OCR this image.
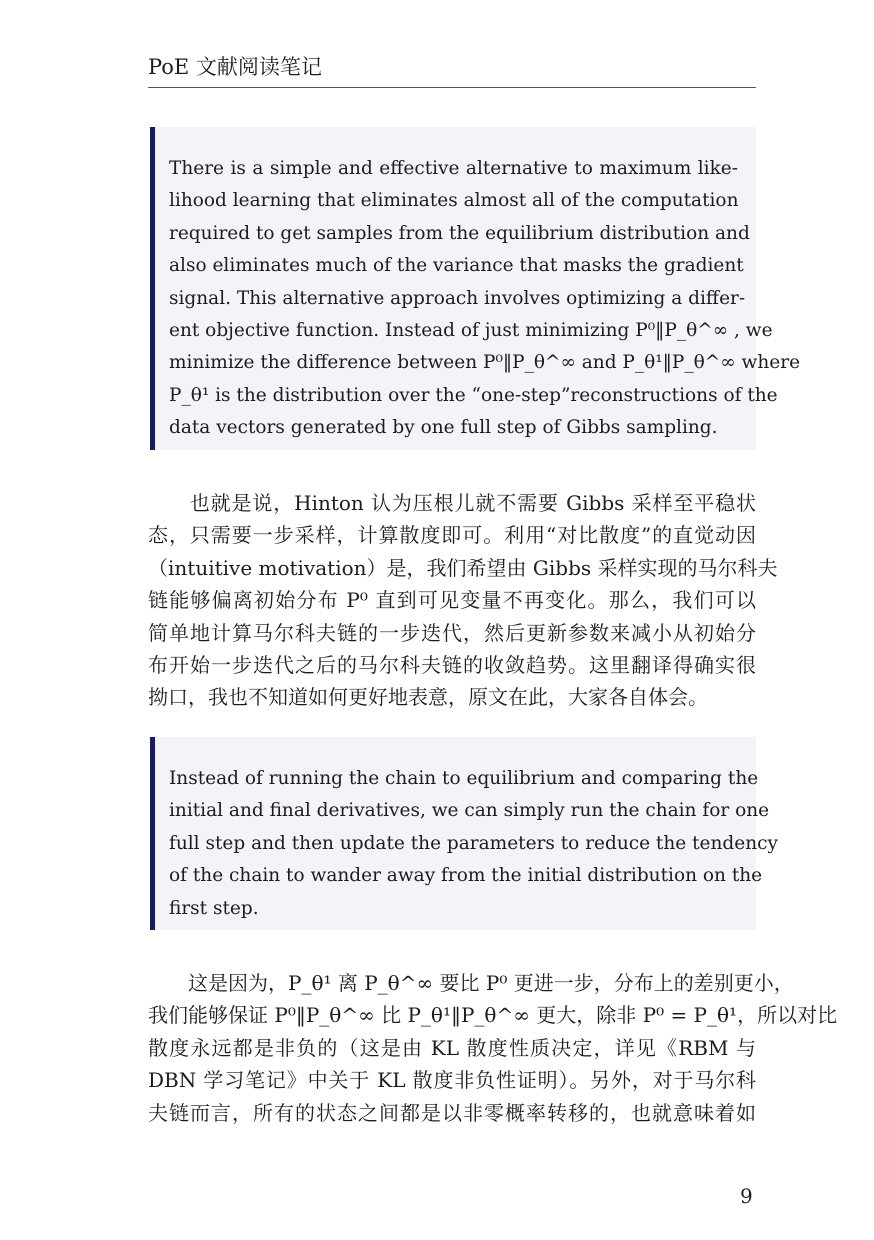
PoE 文献阅读笔记
There is a simple and effective alternative to maximum like-
lihood learning that eliminates almost all of the computation
required to get samples from the equilibrium distribution and
also eliminates much of the variance that masks the gradient
signal. This alternative approach involves optimizing a differ-
ent objective function. Instead of just minimizing P⁰‖P_θ^∞ , we
minimize the difference between P⁰‖P_θ^∞ and P_θ¹‖P_θ^∞ where
P_θ¹ is the distribution over the “one-step”reconstructions of the
data vectors generated by one full step of Gibbs sampling.
　　也就是说，Hinton 认为压根儿就不需要 Gibbs 采样至平稳状
态，只需要一步采样，计算散度即可。利用“对比散度”的直觉动因
（intuitive motivation）是，我们希望由 Gibbs 采样实现的马尔科夫
链能够偏离初始分布 P⁰ 直到可见变量不再变化。那么，我们可以
简单地计算马尔科夫链的一步迭代，然后更新参数来减小从初始分
布开始一步迭代之后的马尔科夫链的收敛趋势。这里翻译得确实很
拗口，我也不知道如何更好地表意，原文在此，大家各自体会。
Instead of running the chain to equilibrium and comparing the
initial and final derivatives, we can simply run the chain for one
full step and then update the parameters to reduce the tendency
of the chain to wander away from the initial distribution on the
first step.
　　这是因为，P_θ¹ 离 P_θ^∞ 要比 P⁰ 更进一步，分布上的差别更小，
我们能够保证 P⁰‖P_θ^∞ 比 P_θ¹‖P_θ^∞ 更大，除非 P⁰ = P_θ¹，所以对比
散度永远都是非负的（这是由 KL 散度性质决定，详见《RBM 与
DBN 学习笔记》中关于 KL 散度非负性证明）。另外，对于马尔科
夫链而言，所有的状态之间都是以非零概率转移的，也就意味着如
9
